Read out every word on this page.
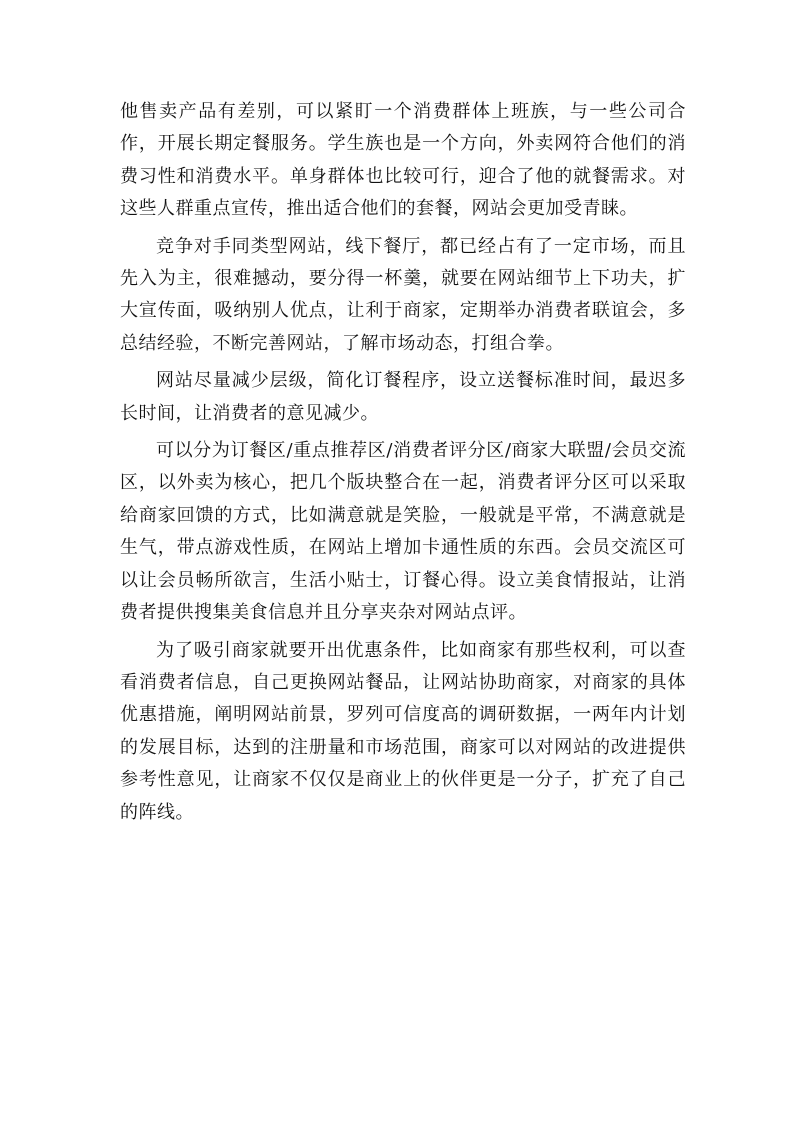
他售卖产品有差别，可以紧盯一个消费群体上班族，与一些公司合作，开展长期定餐服务。学生族也是一个方向，外卖网符合他们的消费习性和消费水平。单身群体也比较可行，迎合了他的就餐需求。对这些人群重点宣传，推出适合他们的套餐，网站会更加受青睐。

竞争对手同类型网站，线下餐厅，都已经占有了一定市场，而且先入为主，很难撼动，要分得一杯羹，就要在网站细节上下功夫，扩大宣传面，吸纳别人优点，让利于商家，定期举办消费者联谊会，多总结经验，不断完善网站，了解市场动态，打组合拳。

网站尽量减少层级，简化订餐程序，设立送餐标准时间，最迟多长时间，让消费者的意见减少。

可以分为订餐区/重点推荐区/消费者评分区/商家大联盟/会员交流区，以外卖为核心，把几个版块整合在一起，消费者评分区可以采取给商家回馈的方式，比如满意就是笑脸，一般就是平常，不满意就是生气，带点游戏性质，在网站上增加卡通性质的东西。会员交流区可以让会员畅所欲言，生活小贴士，订餐心得。设立美食情报站，让消费者提供搜集美食信息并且分享夹杂对网站点评。

为了吸引商家就要开出优惠条件，比如商家有那些权利，可以查看消费者信息，自己更换网站餐品，让网站协助商家，对商家的具体优惠措施，阐明网站前景，罗列可信度高的调研数据，一两年内计划的发展目标，达到的注册量和市场范围，商家可以对网站的改进提供参考性意见，让商家不仅仅是商业上的伙伴更是一分子，扩充了自己的阵线。
